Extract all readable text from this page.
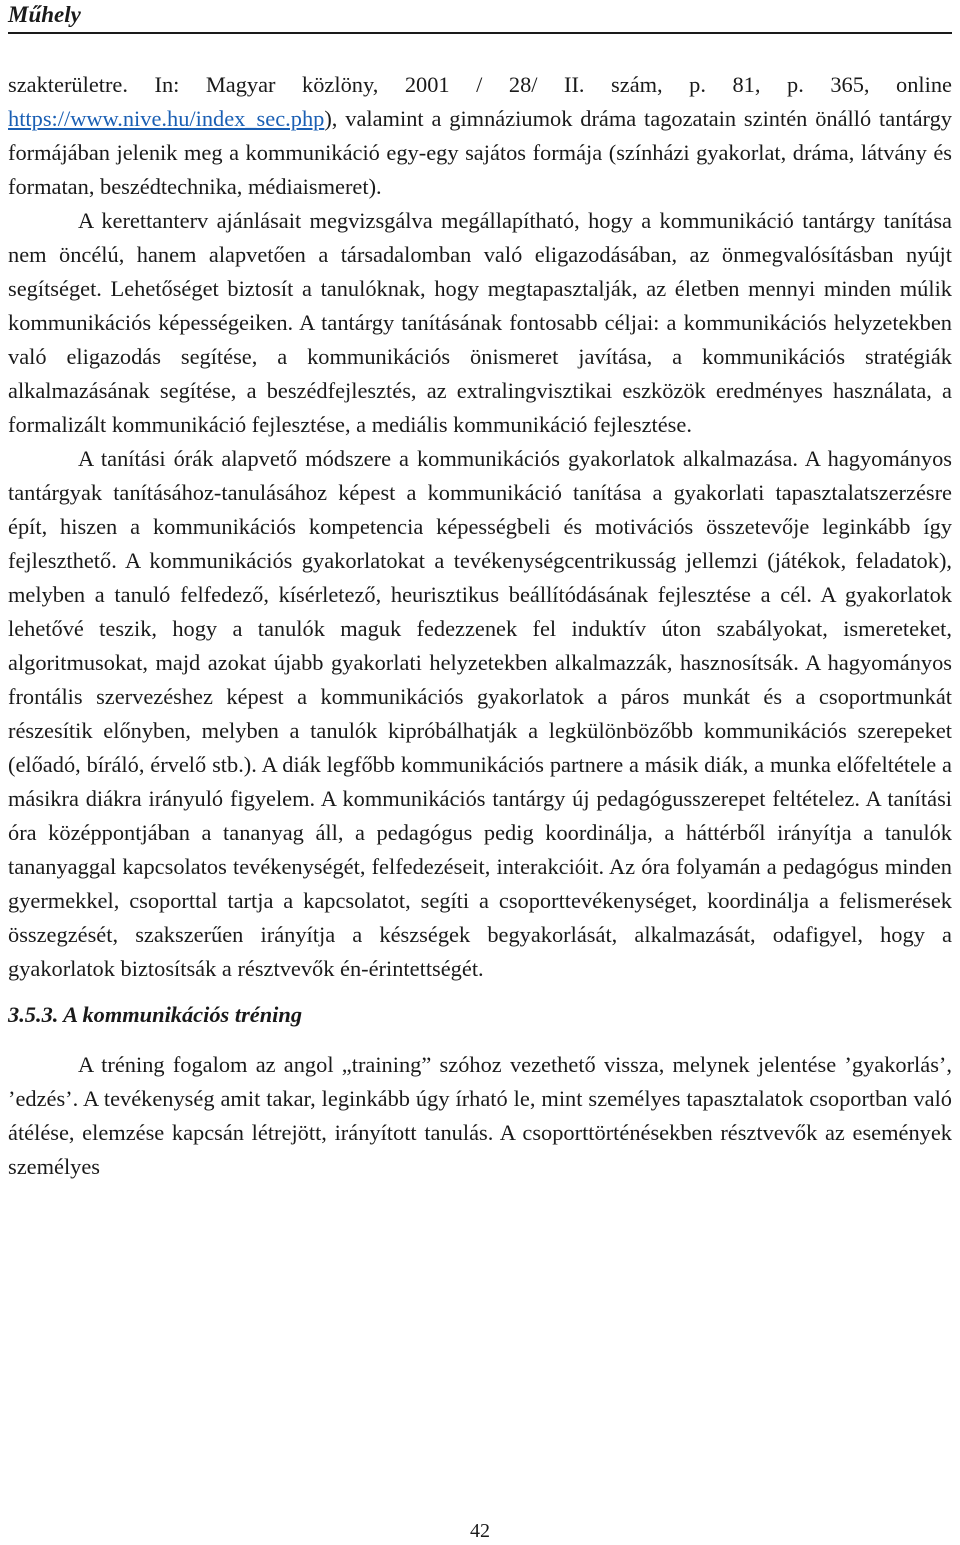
Műhely

szakterületre. In: Magyar közlöny, 2001 / 28/ II. szám, p. 81, p. 365, online https://www.nive.hu/index_sec.php), valamint a gimnáziumok dráma tagozatain szintén önálló tantárgy formájában jelenik meg a kommunikáció egy-egy sajátos formája (színházi gyakorlat, dráma, látvány és formatan, beszédtechnika, médiaismeret).

A kerettanterv ajánlásait megvizsgálva megállapítható, hogy a kommunikáció tantárgy tanítása nem öncélú, hanem alapvetően a társadalomban való eligazodásában, az önmegvalósításban nyújt segítséget. Lehetőséget biztosít a tanulóknak, hogy megtapasztalják, az életben mennyi minden múlik kommunikációs képességeiken. A tantárgy tanításának fontosabb céljai: a kommunikációs helyzetekben való eligazodás segítése, a kommunikációs önismeret javítása, a kommunikációs stratégiák alkalmazásának segítése, a beszédfejlesztés, az extralingvisztikai eszközök eredményes használata, a formalizált kommunikáció fejlesztése, a mediális kommunikáció fejlesztése.

A tanítási órák alapvető módszere a kommunikációs gyakorlatok alkalmazása. A hagyományos tantárgyak tanításához-tanulásához képest a kommunikáció tanítása a gyakorlati tapasztalatszerzésre épít, hiszen a kommunikációs kompetencia képességbeli és motivációs összetevője leginkább így fejleszthető. A kommunikációs gyakorlatokat a tevékenységcentrikusság jellemzi (játékok, feladatok), melyben a tanuló felfedező, kísérletező, heurisztikus beállítódásának fejlesztése a cél. A gyakorlatok lehetővé teszik, hogy a tanulók maguk fedezzenek fel induktív úton szabályokat, ismereteket, algoritmusokat, majd azokat újabb gyakorlati helyzetekben alkalmazzák, hasznosítsák. A hagyományos frontális szervezéshez képest a kommunikációs gyakorlatok a páros munkát és a csoportmunkát részesítik előnyben, melyben a tanulók kipróbálhatják a legkülönbözőbb kommunikációs szerepeket (előadó, bíráló, érvelő stb.). A diák legfőbb kommunikációs partnere a másik diák, a munka előfeltétele a másikra diákra irányuló figyelem. A kommunikációs tantárgy új pedagógusszerepet feltételez. A tanítási óra középpontjában a tananyag áll, a pedagógus pedig koordinálja, a háttérből irányítja a tanulók tananyaggal kapcsolatos tevékenységét, felfedezéseit, interakcióit. Az óra folyamán a pedagógus minden gyermekkel, csoporttal tartja a kapcsolatot, segíti a csoporttevékenységet, koordinálja a felismerések összegzését, szakszerűen irányítja a készségek begyakorlását, alkalmazását, odafigyel, hogy a gyakorlatok biztosítsák a résztvevők én-érintettségét.

3.5.3. A kommunikációs tréning

A tréning fogalom az angol „training” szóhoz vezethető vissza, melynek jelentése ’gyakorlás’, ’edzés’. A tevékenység amit takar, leginkább úgy írható le, mint személyes tapasztalatok csoportban való átélése, elemzése kapcsán létrejött, irányított tanulás. A csoporttörténésekben résztvevők az események személyes

42
